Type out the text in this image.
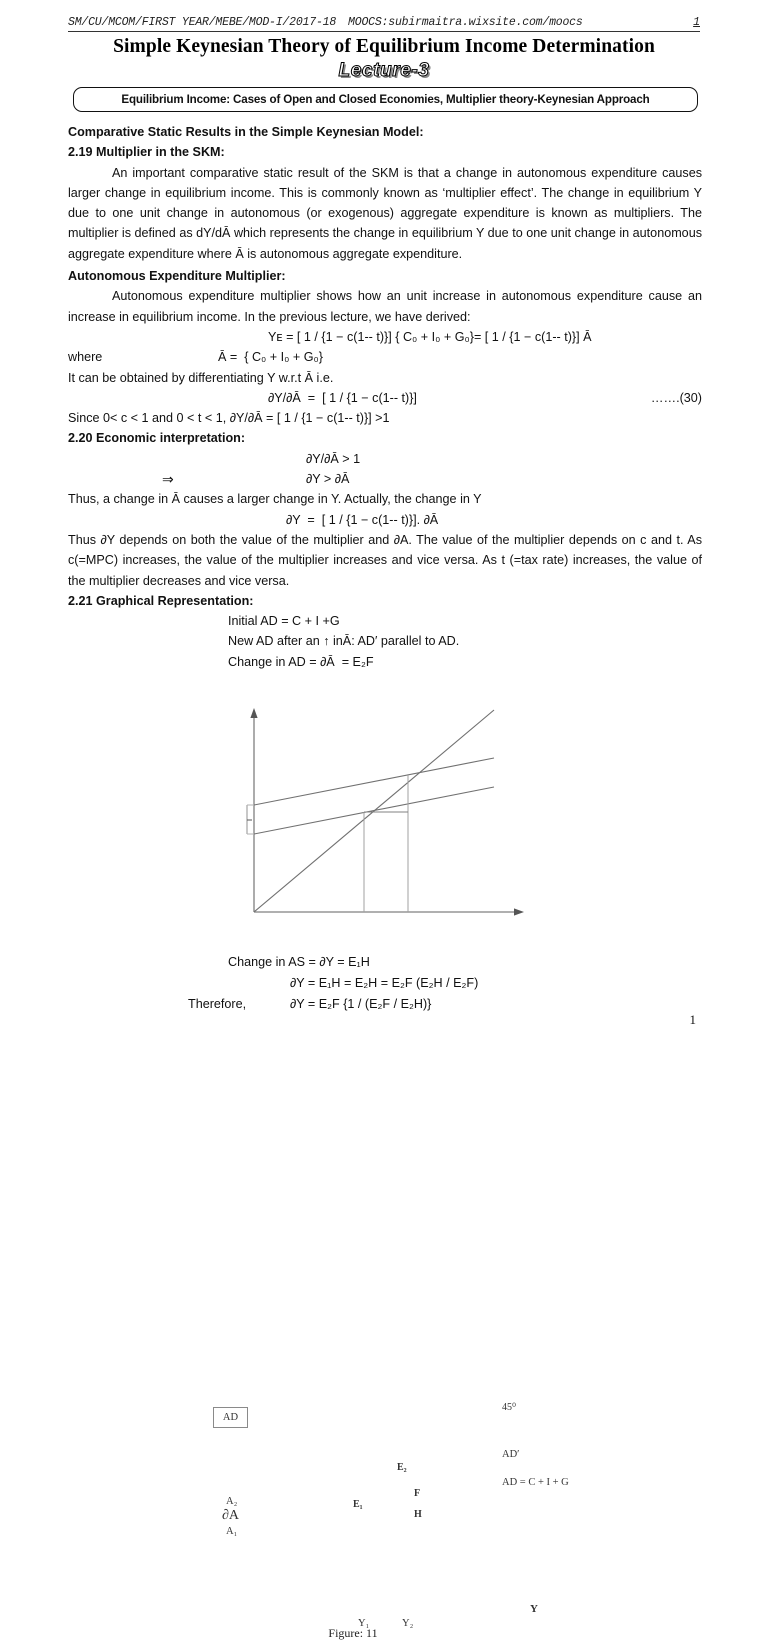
SM/CU/MCOM/FIRST YEAR/MEBE/MOD-I/2017-18 MOOCS:subirmaitra.wixsite.com/moocs	1
Simple Keynesian Theory of Equilibrium Income Determination
Lecture-3
Equilibrium Income: Cases of Open and Closed Economies, Multiplier theory-Keynesian Approach

Comparative Static Results in the Simple Keynesian Model:

2.19 Multiplier in the SKM:

An important comparative static result of the SKM is that a change in autonomous expenditure causes larger change in equilibrium income. This is commonly known as ‘multiplier effect’. The change in equilibrium Y due to one unit change in autonomous (or exogenous) aggregate expenditure is known as multipliers. The multiplier is defined as dY/dĀ which represents the change in equilibrium Y due to one unit change in autonomous aggregate expenditure where Ā is autonomous aggregate expenditure.

Autonomous Expenditure Multiplier:

Autonomous expenditure multiplier shows how an unit increase in autonomous expenditure cause an increase in equilibrium income. In the previous lecture, we have derived:

Yᴇ = [ 1 / {1 − c(1-- t)}] { C₀ + I₀ + G₀}= [ 1 / {1 − c(1-- t)}] Ā

where	Ā =  { C₀ + I₀ + G₀}

It can be obtained by differentiating Y w.r.t Ā i.e.

∂Y/∂Ā  =  [ 1 / {1 − c(1-- t)}]	…….(30)

Since 0< c < 1 and 0 < t < 1, ∂Y/∂Ā = [ 1 / {1 − c(1-- t)}] >1

2.20 Economic interpretation:

∂Y/∂Ā > 1

⇒	∂Y > ∂Ā

Thus, a change in Ā causes a larger change in Y. Actually, the change in Y

∂Y  =  [ 1 / {1 − c(1-- t)}]. ∂Ā

Thus ∂Y depends on both the value of the multiplier and ∂A. The value of the multiplier depends on c and t. As c(=MPC) increases, the value of the multiplier increases and vice versa. As t (=tax rate) increases, the value of the multiplier decreases and vice versa.

2.21 Graphical Representation:

Initial AD = C + I +G

New AD after an ↑ inĀ: AD′ parallel to AD.

Change in AD = ∂Ā  = E₂F

AD
45⁰
AD′
AD = C + I + G
E₂
E₁
F
H
A₂
∂A
A₁
Y₁	Y₂
Y
Figure: 11

Change in AS = ∂Y = E₁H

∂Y = E₁H = E₂H = E₂F (E₂H / E₂F)

Therefore,	∂Y = E₂F {1 / (E₂F / E₂H)}
1
